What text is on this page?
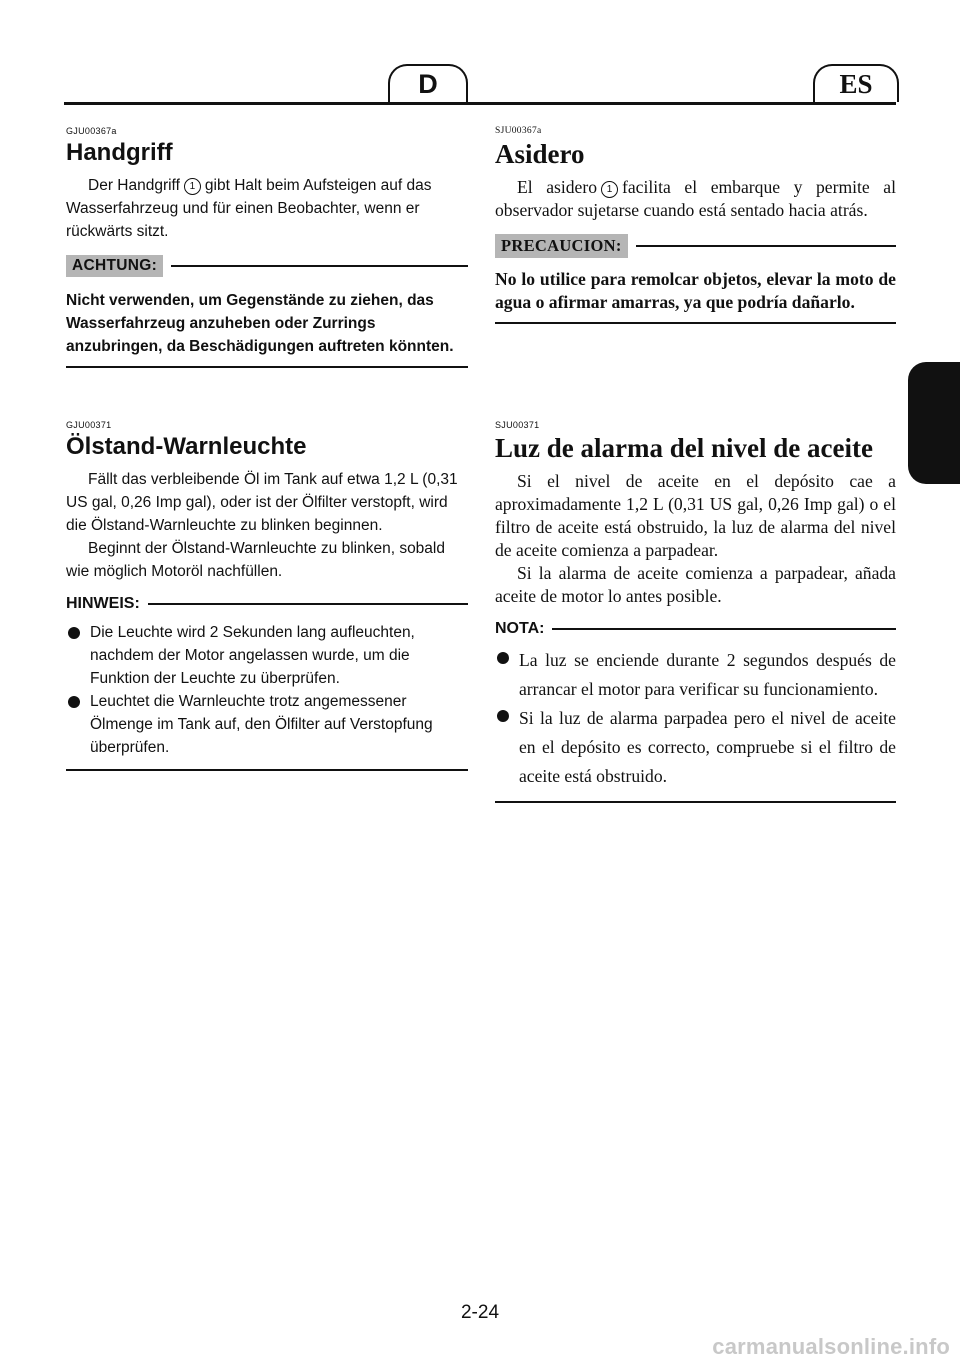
D	ES
GJU00367a
Handgriff

Der Handgriff 1 gibt Halt beim Aufsteigen auf das Wasserfahrzeug und für einen Beobachter, wenn er rückwärts sitzt.

ACHTUNG:

Nicht verwenden, um Gegenstände zu ziehen, das Wasserfahrzeug anzuheben oder Zurrings anzubringen, da Beschädigungen auftreten könnten.

GJU00371
Ölstand-Warnleuchte

Fällt das verbleibende Öl im Tank auf etwa 1,2 L (0,31 US gal, 0,26 Imp gal), oder ist der Ölfilter verstopft, wird die Ölstand-Warnleuchte zu blinken beginnen.

Beginnt der Ölstand-Warnleuchte zu blinken, sobald wie möglich Motoröl nachfüllen.

HINWEIS:
Die Leuchte wird 2 Sekunden lang aufleuchten, nachdem der Motor angelassen wurde, um die Funktion der Leuchte zu überprüfen.
Leuchtet die Warnleuchte trotz angemessener Ölmenge im Tank auf, den Ölfilter auf Verstopfung überprüfen.
SJU00367a
Asidero

El asidero 1 facilita el embarque y permite al observador sujetarse cuando está sentado hacia atrás.

PRECAUCION:

No lo utilice para remolcar objetos, elevar la moto de agua o afirmar amarras, ya que podría dañarlo.

SJU00371
Luz de alarma del nivel de aceite

Si el nivel de aceite en el depósito cae a aproximadamente 1,2 L (0,31 US gal, 0,26 Imp gal) o el filtro de aceite está obstruido, la luz de alarma del nivel de aceite comienza a parpadear.

Si la alarma de aceite comienza a parpadear, añada aceite de motor lo antes posible.

NOTA:
La luz se enciende durante 2 segundos después de arrancar el motor para verificar su funcionamiento.
Si la luz de alarma parpadea pero el nivel de aceite en el depósito es correcto, compruebe si el filtro de aceite está obstruido.
2-24
carmanualsonline.info
